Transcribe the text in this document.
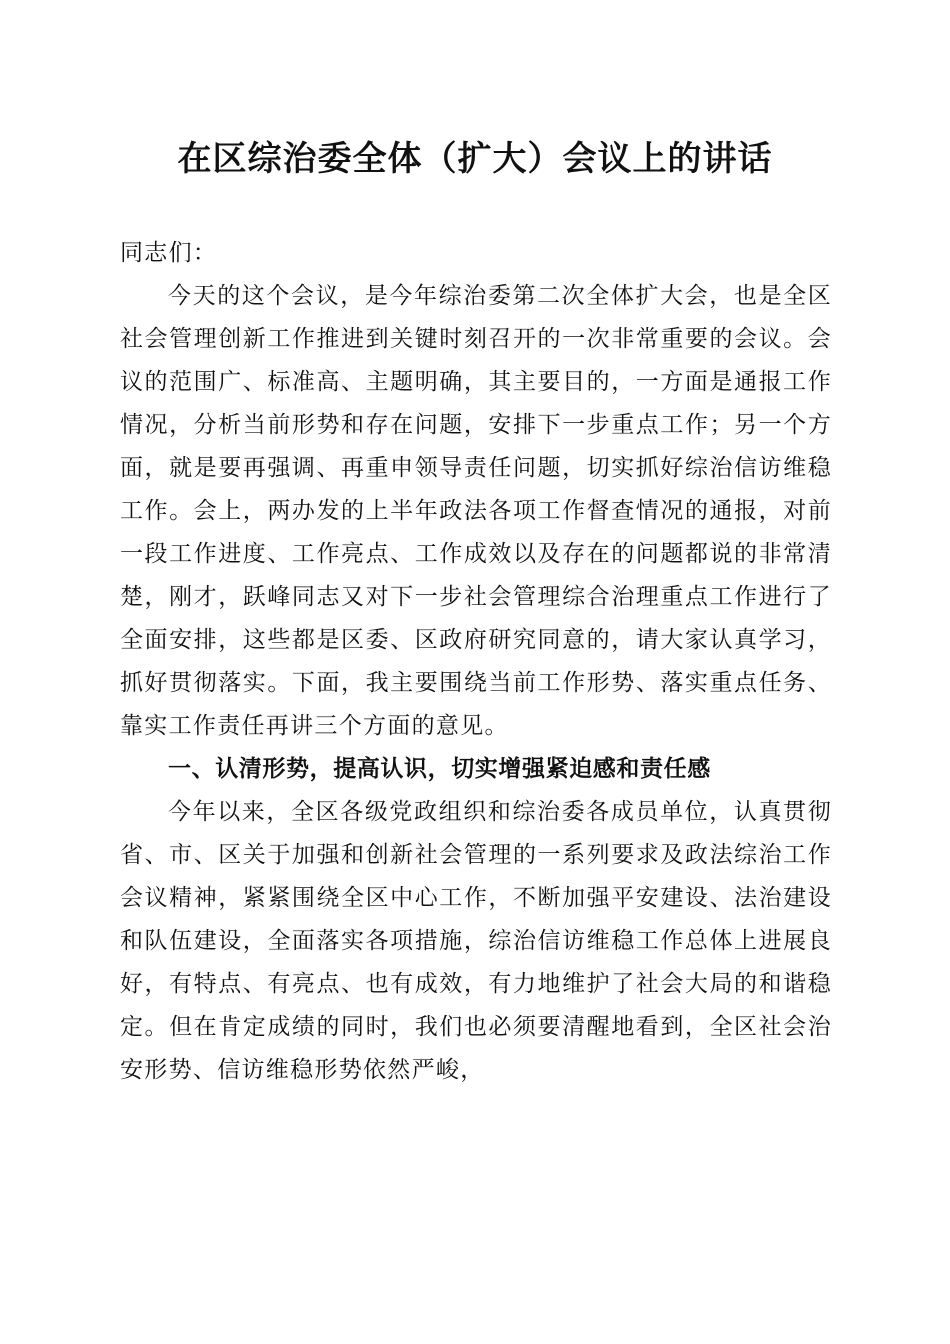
在区综治委全体（扩大）会议上的讲话

同志们：

今天的这个会议，是今年综治委第二次全体扩大会，也是全区社会管理创新工作推进到关键时刻召开的一次非常重要的会议。会议的范围广、标准高、主题明确，其主要目的，一方面是通报工作情况，分析当前形势和存在问题，安排下一步重点工作；另一个方面，就是要再强调、再重申领导责任问题，切实抓好综治信访维稳工作。会上，两办发的上半年政法各项工作督查情况的通报，对前一段工作进度、工作亮点、工作成效以及存在的问题都说的非常清楚，刚才，跃峰同志又对下一步社会管理综合治理重点工作进行了全面安排，这些都是区委、区政府研究同意的，请大家认真学习，抓好贯彻落实。下面，我主要围绕当前工作形势、落实重点任务、靠实工作责任再讲三个方面的意见。

一、认清形势，提高认识，切实增强紧迫感和责任感

今年以来，全区各级党政组织和综治委各成员单位，认真贯彻省、市、区关于加强和创新社会管理的一系列要求及政法综治工作会议精神，紧紧围绕全区中心工作，不断加强平安建设、法治建设和队伍建设，全面落实各项措施，综治信访维稳工作总体上进展良好，有特点、有亮点、也有成效，有力地维护了社会大局的和谐稳定。但在肯定成绩的同时，我们也必须要清醒地看到，全区社会治安形势、信访维稳形势依然严峻，
